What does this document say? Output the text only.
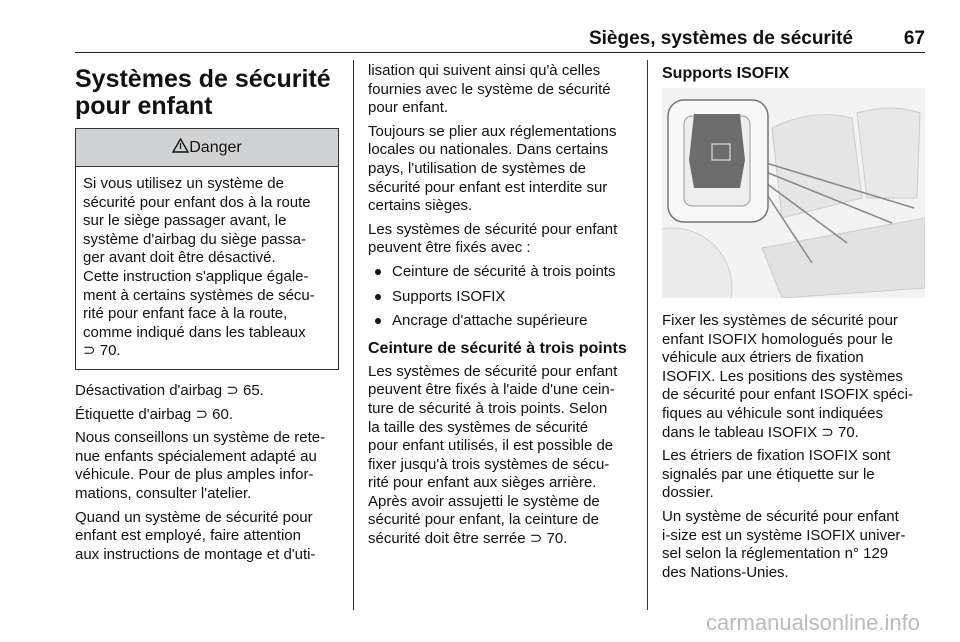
Sièges, systèmes de sécurité	67
Systèmes de sécurité
pour enfant
Danger
Si vous utilisez un système de
sécurité pour enfant dos à la route
sur le siège passager avant, le
système d'airbag du siège passa-
ger avant doit être désactivé.
Cette instruction s'applique égale-
ment à certains systèmes de sécu-
rité pour enfant face à la route,
comme indiqué dans les tableaux
⊃ 70.

Désactivation d'airbag ⊃ 65.

Étiquette d'airbag ⊃ 60.

Nous conseillons un système de rete-
nue enfants spécialement adapté au
véhicule. Pour de plus amples infor-
mations, consulter l'atelier.

Quand un système de sécurité pour
enfant est employé, faire attention
aux instructions de montage et d'uti-

lisation qui suivent ainsi qu'à celles
fournies avec le système de sécurité
pour enfant.

Toujours se plier aux réglementations
locales ou nationales. Dans certains
pays, l'utilisation de systèmes de
sécurité pour enfant est interdite sur
certains sièges.

Les systèmes de sécurité pour enfant
peuvent être fixés avec :

Ceinture de sécurité à trois points
Supports ISOFIX
Ancrage d'attache supérieure
Ceinture de sécurité à trois points

Les systèmes de sécurité pour enfant
peuvent être fixés à l'aide d'une cein-
ture de sécurité à trois points. Selon
la taille des systèmes de sécurité
pour enfant utilisés, il est possible de
fixer jusqu'à trois systèmes de sécu-
rité pour enfant aux sièges arrière.
Après avoir assujetti le système de
sécurité pour enfant, la ceinture de
sécurité doit être serrée ⊃ 70.

Supports ISOFIX

Fixer les systèmes de sécurité pour
enfant ISOFIX homologués pour le
véhicule aux étriers de fixation
ISOFIX. Les positions des systèmes
de sécurité pour enfant ISOFIX spéci-
fiques au véhicule sont indiquées
dans le tableau ISOFIX ⊃ 70.

Les étriers de fixation ISOFIX sont
signalés par une étiquette sur le
dossier.

Un système de sécurité pour enfant
i-size est un système ISOFIX univer-
sel selon la réglementation n° 129
des Nations-Unies.

carmanualsonline.info
